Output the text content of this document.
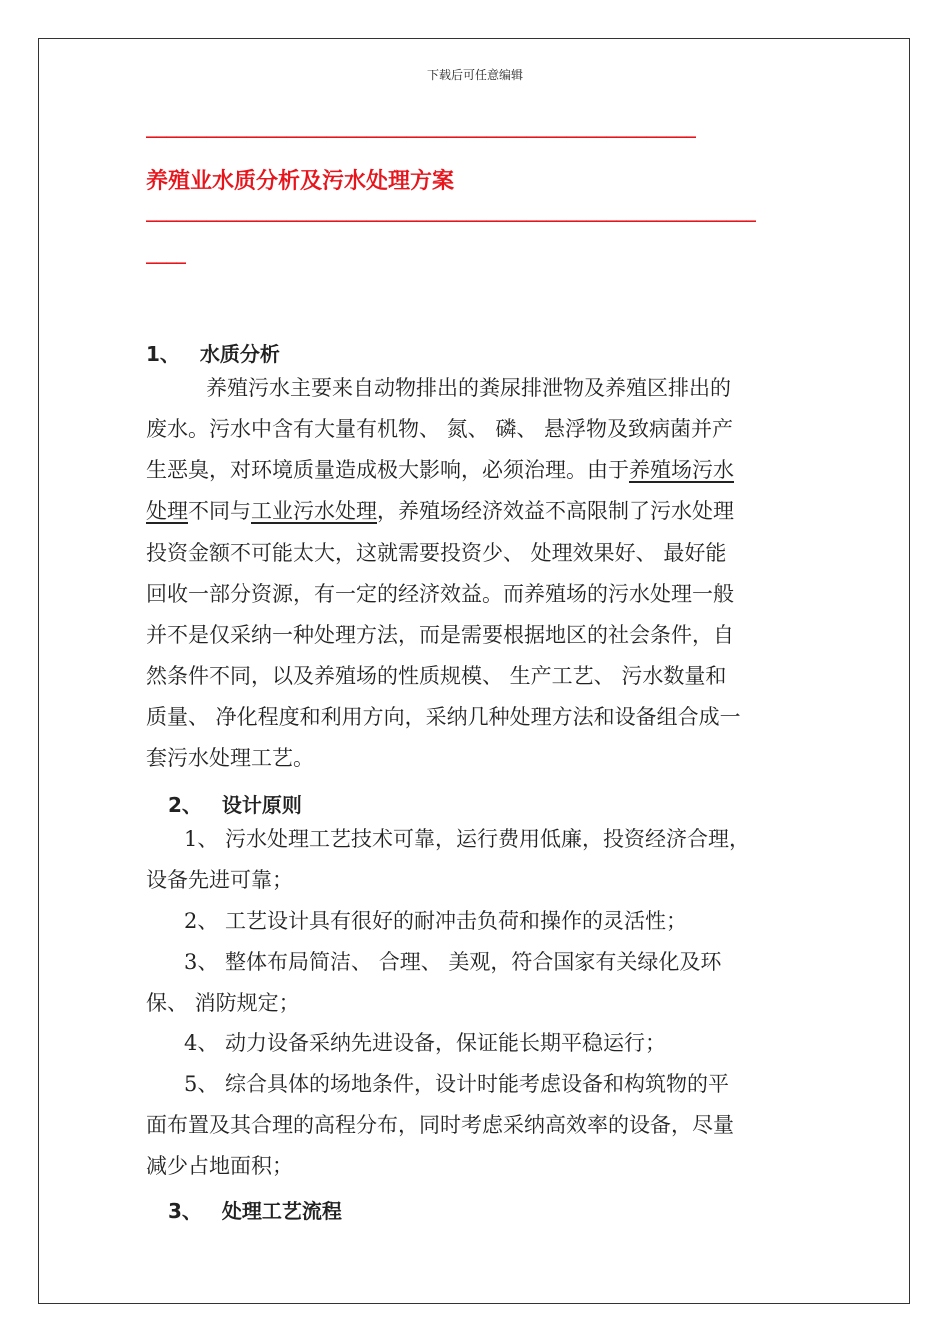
下载后可任意编辑
_______________________________________________________
养殖业水质分析及污水处理方案
_____________________________________________________________
____
1、 水质分析
养殖污水主要来自动物排出的粪尿排泄物及养殖区排出的
废水。污水中含有大量有机物、 氮、 磷、 悬浮物及致病菌并产
生恶臭，对环境质量造成极大影响，必须治理。由于养殖场污水
处理不同与工业污水处理，养殖场经济效益不高限制了污水处理
投资金额不可能太大，这就需要投资少、 处理效果好、 最好能
回收一部分资源，有一定的经济效益。而养殖场的污水处理一般
并不是仅采纳一种处理方法，而是需要根据地区的社会条件，自
然条件不同，以及养殖场的性质规模、 生产工艺、 污水数量和
质量、 净化程度和利用方向，采纳几种处理方法和设备组合成一
套污水处理工艺。
2、 设计原则
1、 污水处理工艺技术可靠，运行费用低廉，投资经济合理，
设备先进可靠；
2、 工艺设计具有很好的耐冲击负荷和操作的灵活性；
3、 整体布局简洁、 合理、 美观，符合国家有关绿化及环
保、 消防规定；
4、 动力设备采纳先进设备，保证能长期平稳运行；
5、 综合具体的场地条件，设计时能考虑设备和构筑物的平
面布置及其合理的高程分布，同时考虑采纳高效率的设备，尽量
减少占地面积；
3、 处理工艺流程
